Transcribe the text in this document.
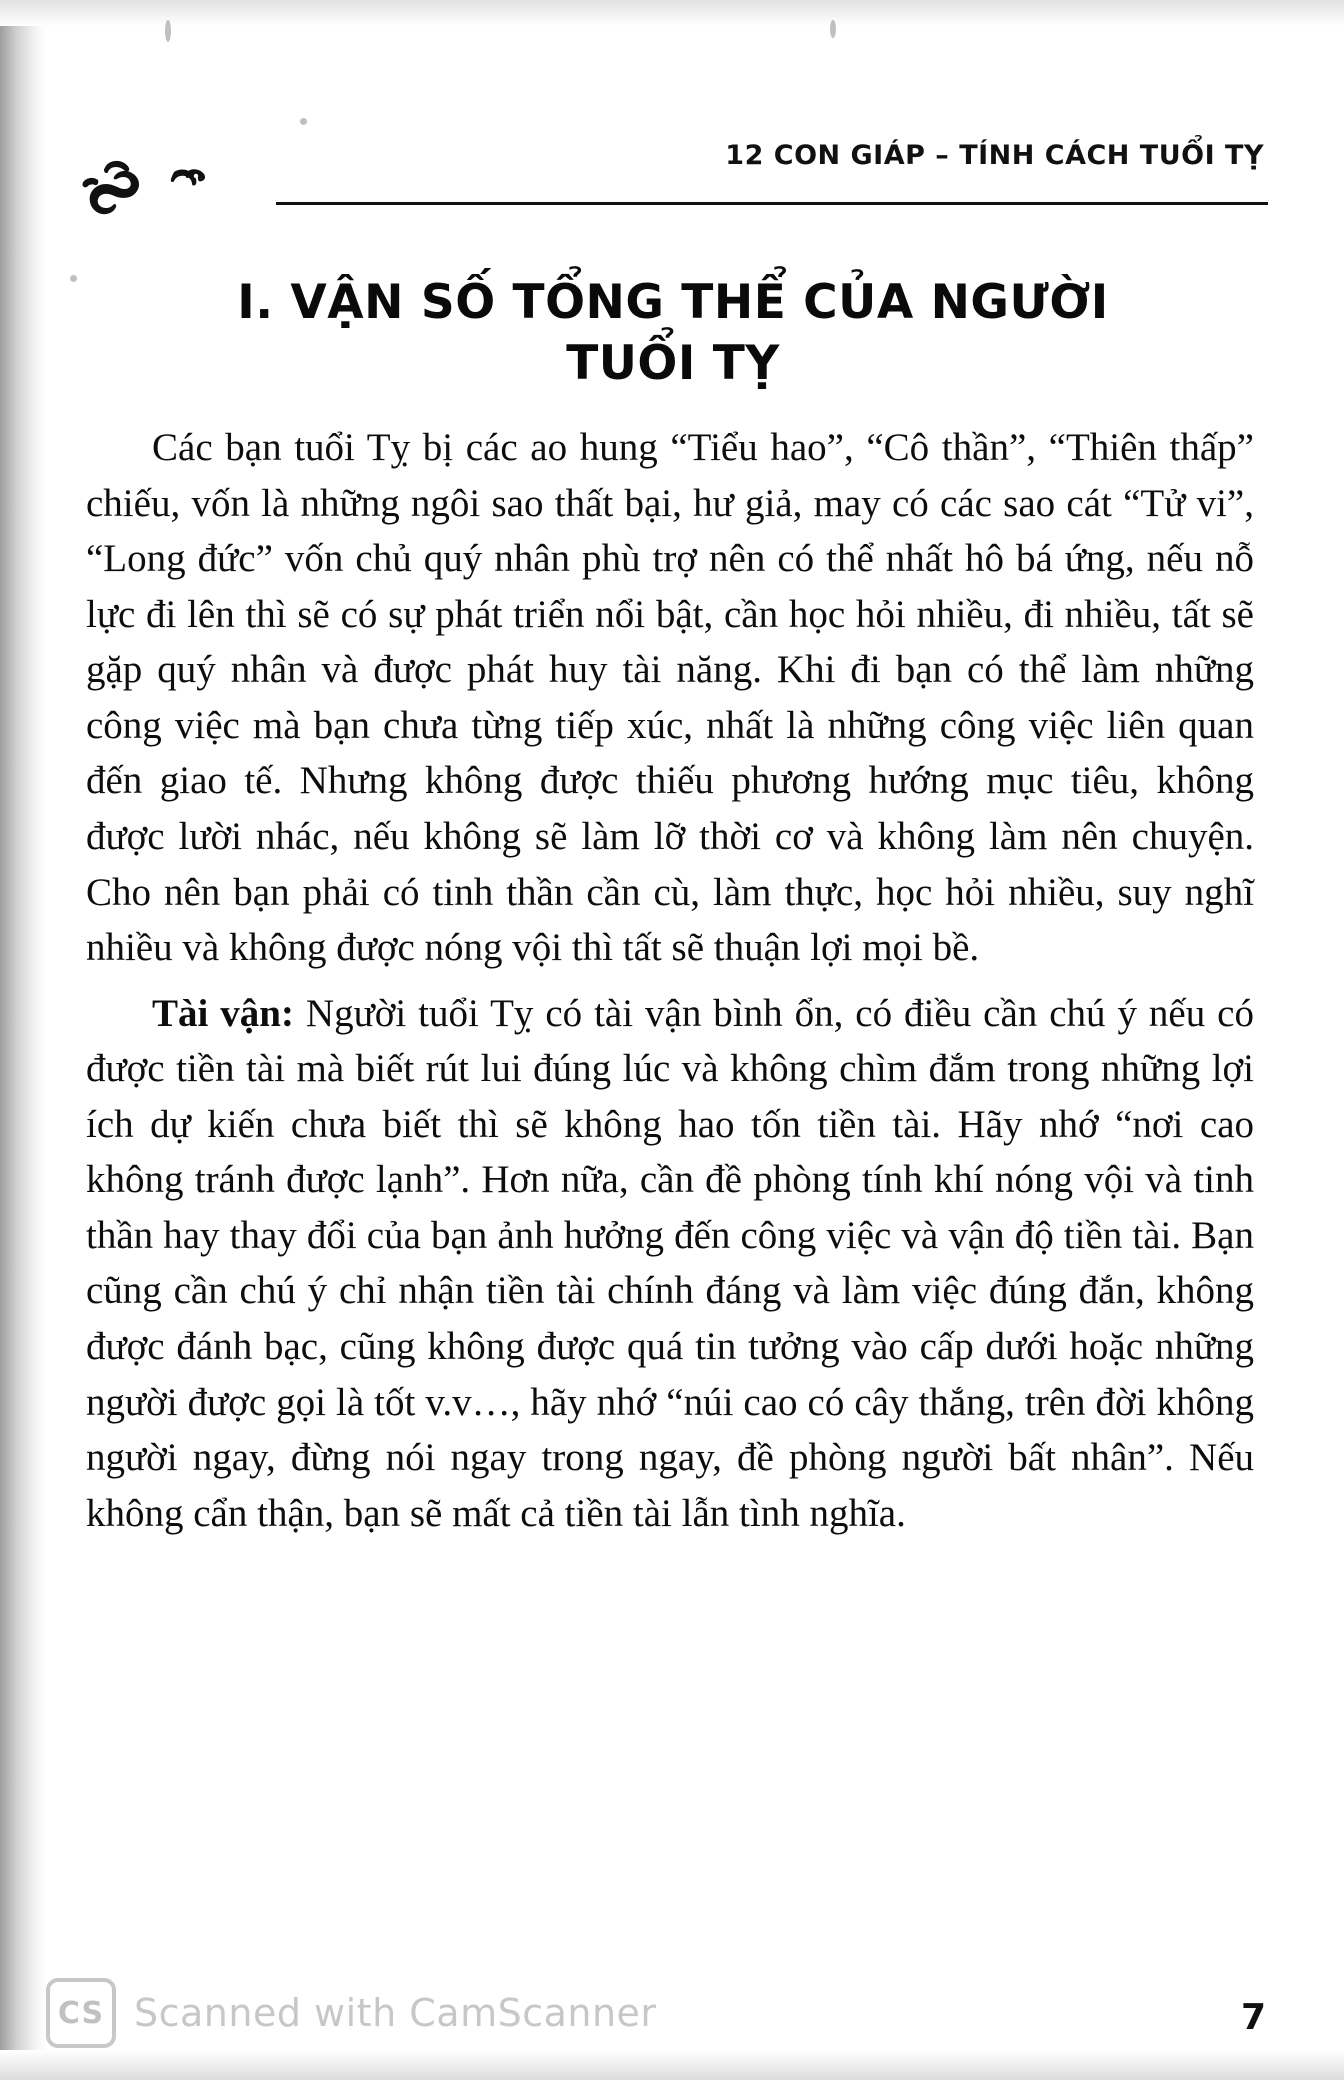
12 CON GIÁP – TÍNH CÁCH TUỔI TỴ
I. VẬN SỐ TỔNG THỂ CỦA NGƯỜI TUỔI TỴ

Các bạn tuổi Tỵ bị các ao hung “Tiểu hao”, “Cô thần”, “Thiên thấp” chiếu, vốn là những ngôi sao thất bại, hư giả, may có các sao cát “Tử vi”, “Long đức” vốn chủ quý nhân phù trợ nên có thể nhất hô bá ứng, nếu nỗ lực đi lên thì sẽ có sự phát triển nổi bật, cần học hỏi nhiều, đi nhiều, tất sẽ gặp quý nhân và được phát huy tài năng. Khi đi bạn có thể làm những công việc mà bạn chưa từng tiếp xúc, nhất là những công việc liên quan đến giao tế. Nhưng không được thiếu phương hướng mục tiêu, không được lười nhác, nếu không sẽ làm lỡ thời cơ và không làm nên chuyện. Cho nên bạn phải có tinh thần cần cù, làm thực, học hỏi nhiều, suy nghĩ nhiều và không được nóng vội thì tất sẽ thuận lợi mọi bề.

Tài vận: Người tuổi Tỵ có tài vận bình ổn, có điều cần chú ý nếu có được tiền tài mà biết rút lui đúng lúc và không chìm đắm trong những lợi ích dự kiến chưa biết thì sẽ không hao tốn tiền tài. Hãy nhớ “nơi cao không tránh được lạnh”. Hơn nữa, cần đề phòng tính khí nóng vội và tinh thần hay thay đổi của bạn ảnh hưởng đến công việc và vận độ tiền tài. Bạn cũng cần chú ý chỉ nhận tiền tài chính đáng và làm việc đúng đắn, không được đánh bạc, cũng không được quá tin tưởng vào cấp dưới hoặc những người được gọi là tốt v.v…, hãy nhớ “núi cao có cây thắng, trên đời không người ngay, đừng nói ngay trong ngay, đề phòng người bất nhân”. Nếu không cẩn thận, bạn sẽ mất cả tiền tài lẫn tình nghĩa.

CS Scanned with CamScanner	7
